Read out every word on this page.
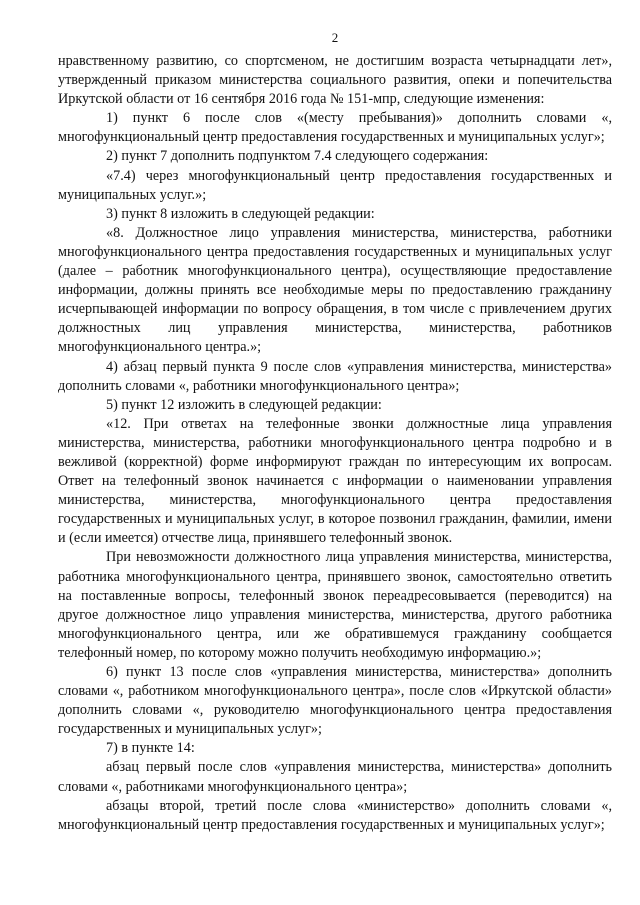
2

нравственному развитию, со спортсменом, не достигшим возраста четырнадцати лет», утвержденный приказом министерства социального развития, опеки и попечительства Иркутской области от 16 сентября 2016 года № 151-мпр, следующие изменения:

1) пункт 6 после слов «(месту пребывания)» дополнить словами «, многофункциональный центр предоставления государственных и муниципальных услуг»;

2) пункт 7 дополнить подпунктом 7.4 следующего содержания:

«7.4) через многофункциональный центр предоставления государственных и муниципальных услуг.»;

3) пункт 8 изложить в следующей редакции:

«8. Должностное лицо управления министерства, министерства, работники многофункционального центра предоставления государственных и муниципальных услуг (далее – работник многофункционального центра), осуществляющие предоставление информации, должны принять все необходимые меры по предоставлению гражданину исчерпывающей информации по вопросу обращения, в том числе с привлечением других должностных лиц управления министерства, министерства, работников многофункционального центра.»;

4) абзац первый пункта 9 после слов «управления министерства, министерства» дополнить словами «, работники многофункционального центра»;

5) пункт 12 изложить в следующей редакции:

«12. При ответах на телефонные звонки должностные лица управления министерства, министерства, работники многофункционального центра подробно и в вежливой (корректной) форме информируют граждан по интересующим их вопросам. Ответ на телефонный звонок начинается с информации о наименовании управления министерства, министерства, многофункционального центра предоставления государственных и муниципальных услуг, в которое позвонил гражданин, фамилии, имени и (если имеется) отчестве лица, принявшего телефонный звонок.

При невозможности должностного лица управления министерства, министерства, работника многофункционального центра, принявшего звонок, самостоятельно ответить на поставленные вопросы, телефонный звонок переадресовывается (переводится) на другое должностное лицо управления министерства, министерства, другого работника многофункционального центра, или же обратившемуся гражданину сообщается телефонный номер, по которому можно получить необходимую информацию.»;

6) пункт 13 после слов «управления министерства, министерства» дополнить словами «, работником многофункционального центра», после слов «Иркутской области» дополнить словами «, руководителю многофункционального центра предоставления государственных и муниципальных услуг»;

7) в пункте 14:

абзац первый после слов «управления министерства, министерства» дополнить словами «, работниками многофункционального центра»;

абзацы второй, третий после слова «министерство» дополнить словами «, многофункциональный центр предоставления государственных и муниципальных услуг»;
